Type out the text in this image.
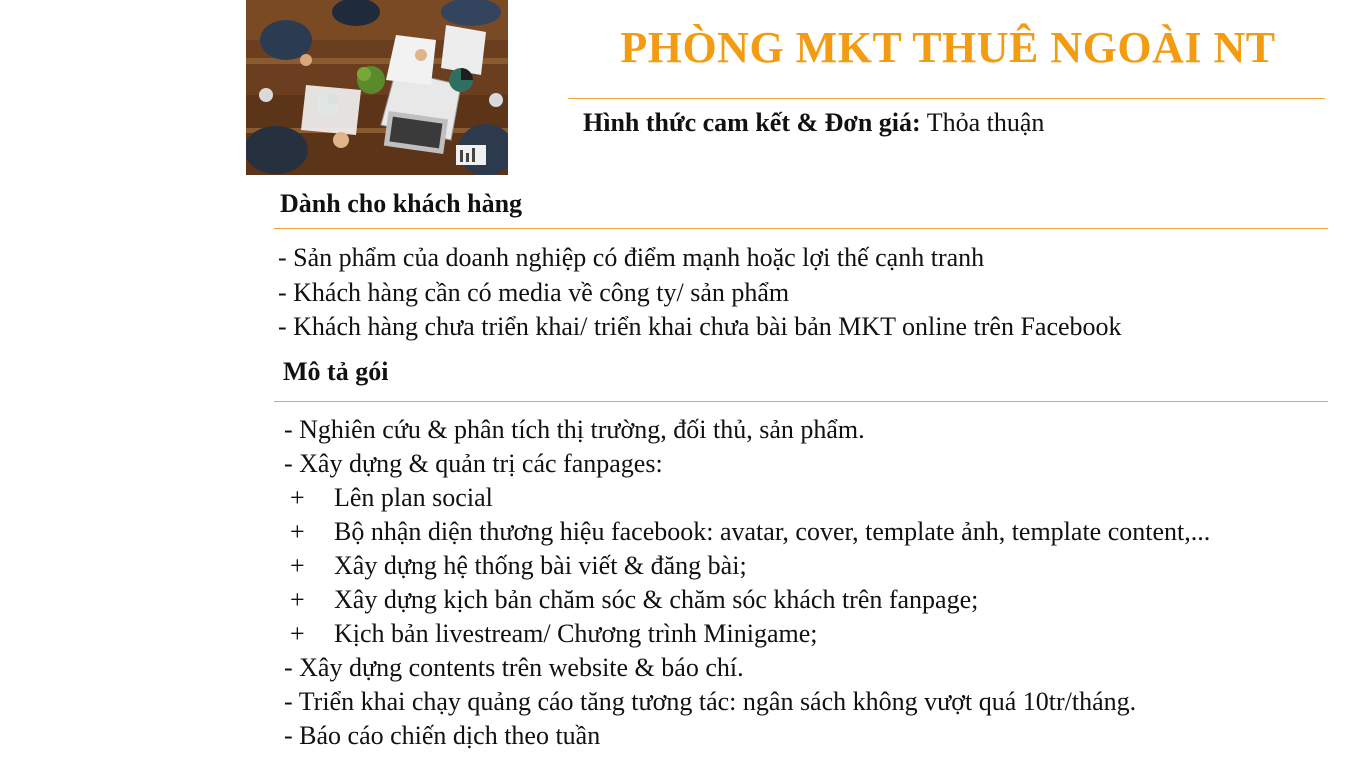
PHÒNG MKT THUÊ NGOÀI NT
Hình thức cam kết & Đơn giá: Thỏa thuận
Dành cho khách hàng
- Sản phẩm của doanh nghiệp có điểm mạnh hoặc lợi thế cạnh tranh
- Khách hàng cần có media về công ty/ sản phẩm
- Khách hàng chưa triển khai/ triển khai chưa bài bản MKT online trên Facebook
Mô tả gói
- Nghiên cứu & phân tích thị trường, đối thủ, sản phẩm.
- Xây dựng & quản trị các fanpages:
+ Lên plan social
+ Bộ nhận diện thương hiệu facebook: avatar, cover, template ảnh, template content,...
+ Xây dựng hệ thống bài viết & đăng bài;
+ Xây dựng kịch bản chăm sóc & chăm sóc khách trên fanpage;
+ Kịch bản livestream/ Chương trình Minigame;
- Xây dựng contents trên website & báo chí.
- Triển khai chạy quảng cáo tăng tương tác: ngân sách không vượt quá 10tr/tháng.
- Báo cáo chiến dịch theo tuần
